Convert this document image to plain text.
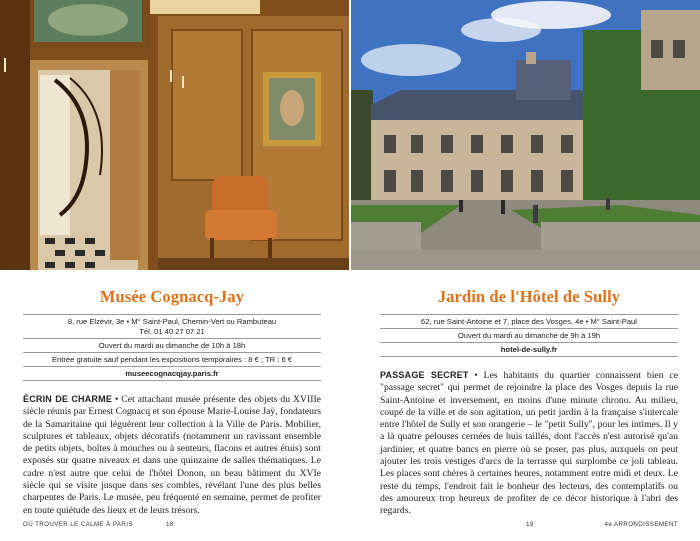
Musée Cognacq-Jay
8, rue Elzévir, 3e • M° Saint-Paul, Chemin-Vert ou Rambuteau
Tél. 01 40 27 07 21
Ouvert du mardi au dimanche de 10h à 18h
Entrée gratuite sauf pendant les expositions temporaires : 8 € ; TR : 6 €
museecognacqjay.paris.fr
ÉCRIN DE CHARME • Cet attachant musée présente des objets du XVIIIe siècle réunis par Ernest Cognacq et son épouse Marie-Louise Jaÿ, fondateurs de la Samaritaine qui léguèrent leur collection à la Ville de Paris. Mobilier, sculptures et tableaux, objets décoratifs (notamment un ravissant ensemble de petits objets, boîtes à mouches ou à senteurs, flacons et autres étuis) sont exposés sur quatre niveaux et dans une quinzaine de salles thématiques. Le cadre n'est autre que celui de l'hôtel Donon, un beau bâtiment du XVIe siècle qui se visite jusque dans ses combles, révélant l'une des plus belles charpentes de Paris. Le musée, peu fréquenté en semaine, permet de profiter en toute quiétude des lieux et de leurs trésors.
Jardin de l'Hôtel de Sully
62, rue Saint-Antoine et 7, place des Vosges, 4e • M° Saint-Paul
Ouvert du mardi au dimanche de 9h à 19h
hotel-de-sully.fr
PASSAGE SECRET • Les habitants du quartier connaissent bien ce "passage secret" qui permet de rejoindre la place des Vosges depuis la rue Saint-Antoine et inversement, en moins d'une minute chrono. Au milieu, coupé de la ville et de son agitation, un petit jardin à la française s'intercale entre l'hôtel de Sully et son orangerie – le "petit Sully", pour les intimes. Il y a là quatre pelouses cernées de buis taillés, dont l'accès n'est autorisé qu'au jardinier, et quatre bancs en pierre où se poser, pas plus, auxquels on peut ajouter les trois vestiges d'arcs de la terrasse qui surplombe ce joli tableau. Les places sont chères à certaines heures, notamment entre midi et deux. Le reste du temps, l'endroit fait le bonheur des lecteurs, des contemplatifs ou des amoureux trop heureux de profiter de ce décor historique à l'abri des regards.
OÙ TROUVER LE CALME À PARIS	18	19	4e ARRONDISSEMENT
